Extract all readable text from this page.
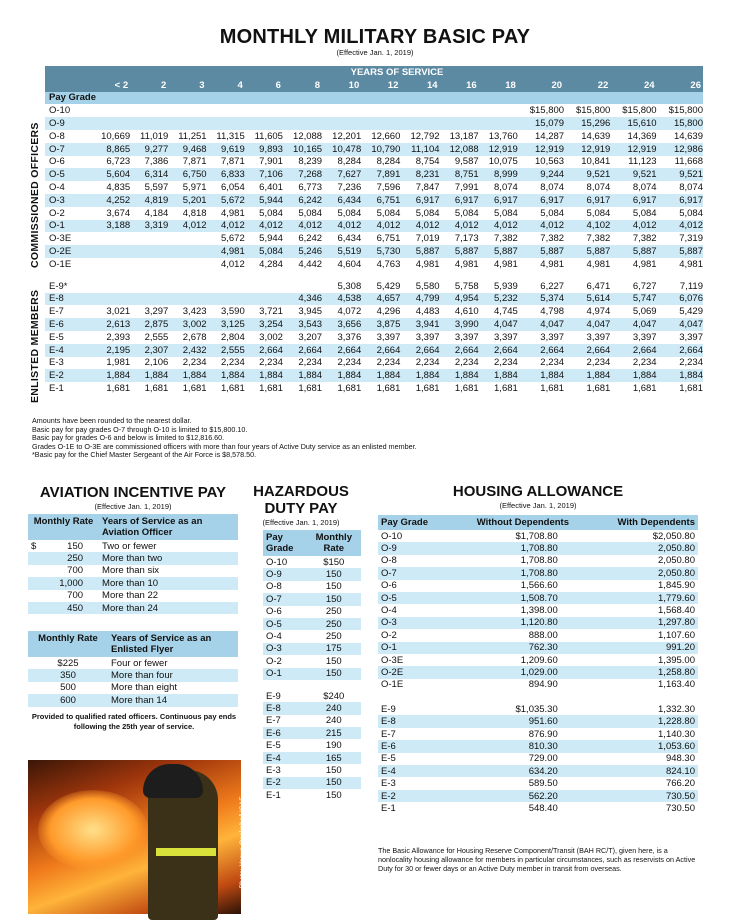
MONTHLY MILITARY BASIC PAY
(Effective Jan. 1, 2019)
COMMISSIONED OFFICERS
ENLISTED MEMBERS
	YEARS OF SERVICE														
	< 2	2	3	4	6	8	10	12	14	16	18	20	22	24	26
Pay Grade															
O-10												$15,800	$15,800	$15,800	$15,800
O-9												15,079	15,296	15,610	15,800
O-8	10,669	11,019	11,251	11,315	11,605	12,088	12,201	12,660	12,792	13,187	13,760	14,287	14,639	14,369	14,639
O-7	8,865	9,277	9,468	9,619	9,893	10,165	10,478	10,790	11,104	12,088	12,919	12,919	12,919	12,919	12,986
O-6	6,723	7,386	7,871	7,871	7,901	8,239	8,284	8,284	8,754	9,587	10,075	10,563	10,841	11,123	11,668
O-5	5,604	6,314	6,750	6,833	7,106	7,268	7,627	7,891	8,231	8,751	8,999	9,244	9,521	9,521	9,521
O-4	4,835	5,597	5,971	6,054	6,401	6,773	7,236	7,596	7,847	7,991	8,074	8,074	8,074	8,074	8,074
O-3	4,252	4,819	5,201	5,672	5,944	6,242	6,434	6,751	6,917	6,917	6,917	6,917	6,917	6,917	6,917
O-2	3,674	4,184	4,818	4,981	5,084	5,084	5,084	5,084	5,084	5,084	5,084	5,084	5,084	5,084	5,084
O-1	3,188	3,319	4,012	4,012	4,012	4,012	4,012	4,012	4,012	4,012	4,012	4,012	4,102	4,012	4,012
O-3E				5,672	5,944	6,242	6,434	6,751	7,019	7,173	7,382	7,382	7,382	7,382	7,319
O-2E				4,981	5,084	5,246	5,519	5,730	5,887	5,887	5,887	5,887	5,887	5,887	5,887
O-1E				4,012	4,284	4,442	4,604	4,763	4,981	4,981	4,981	4,981	4,981	4,981	4,981

E-9*							5,308	5,429	5,580	5,758	5,939	6,227	6,471	6,727	7,119
E-8						4,346	4,538	4,657	4,799	4,954	5,232	5,374	5,614	5,747	6,076
E-7	3,021	3,297	3,423	3,590	3,721	3,945	4,072	4,296	4,483	4,610	4,745	4,798	4,974	5,069	5,429
E-6	2,613	2,875	3,002	3,125	3,254	3,543	3,656	3,875	3,941	3,990	4,047	4,047	4,047	4,047	4,047
E-5	2,393	2,555	2,678	2,804	3,002	3,207	3,376	3,397	3,397	3,397	3,397	3,397	3,397	3,397	3,397
E-4	2,195	2,307	2,432	2,555	2,664	2,664	2,664	2,664	2,664	2,664	2,664	2,664	2,664	2,664	2,664
E-3	1,981	2,106	2,234	2,234	2,234	2,234	2,234	2,234	2,234	2,234	2,234	2,234	2,234	2,234	2,234
E-2	1,884	1,884	1,884	1,884	1,884	1,884	1,884	1,884	1,884	1,884	1,884	1,884	1,884	1,884	1,884
E-1	1,681	1,681	1,681	1,681	1,681	1,681	1,681	1,681	1,681	1,681	1,681	1,681	1,681	1,681	1,681
Amounts have been rounded to the nearest dollar.
Basic pay for pay grades O-7 through O-10 is limited to $15,800.10.
Basic pay for grades O-6 and below is limited to $12,816.60.
Grades O-1E to O-3E are commissioned officers with more than four years of Active Duty service as an enlisted member.
*Basic pay for the Chief Master Sergeant of the Air Force is $8,578.50.
AVIATION INCENTIVE PAY
(Effective Jan. 1, 2019)
Monthly Rate		Years of Service as an Aviation Officer
$	150	Two or fewer
	250	More than two
	700	More than six
	1,000	More than 10
	700	More than 22
	450	More than 24
Monthly Rate	Years of Service as an Enlisted Flyer
$225	Four or fewer
350	More than four
500	More than eight
600	More than 14
Provided to qualified rated officers. Continuous pay ends following the 25th year of service.
Photo: Yasuo Osakabe/USAF
HAZARDOUS
DUTY PAY
(Effective Jan. 1, 2019)
Pay Grade	Monthly Rate
O-10	$150
O-9	150
O-8	150
O-7	150
O-6	250
O-5	250
O-4	250
O-3	175
O-2	150
O-1	150

E-9	$240
E-8	240
E-7	240
E-6	215
E-5	190
E-4	165
E-3	150
E-2	150
E-1	150
HOUSING ALLOWANCE
(Effective Jan. 1, 2019)
Pay Grade	Without Dependents	With Dependents
O-10	$1,708.80	$2,050.80
O-9	1,708.80	2,050.80
O-8	1,708.80	2,050.80
O-7	1,708.80	2,050.80
O-6	1,566.60	1,845.90
O-5	1,508.70	1,779.60
O-4	1,398.00	1,568.40
O-3	1,120.80	1,297.80
O-2	888.00	1,107.60
O-1	762.30	991.20
O-3E	1,209.60	1,395.00
O-2E	1,029.00	1,258.80
O-1E	894.90	1,163.40

E-9	$1,035.30	1,332.30
E-8	951.60	1,228.80
E-7	876.90	1,140.30
E-6	810.30	1,053.60
E-5	729.00	948.30
E-4	634.20	824.10
E-3	589.50	766.20
E-2	562.20	730.50
E-1	548.40	730.50
The Basic Allowance for Housing Reserve Component/Transit (BAH RC/T), given here, is a nonlocality housing allowance for members in particular circumstances, such as reservists on Active Duty for 30 or fewer days or an Active Duty member in transit from overseas.
